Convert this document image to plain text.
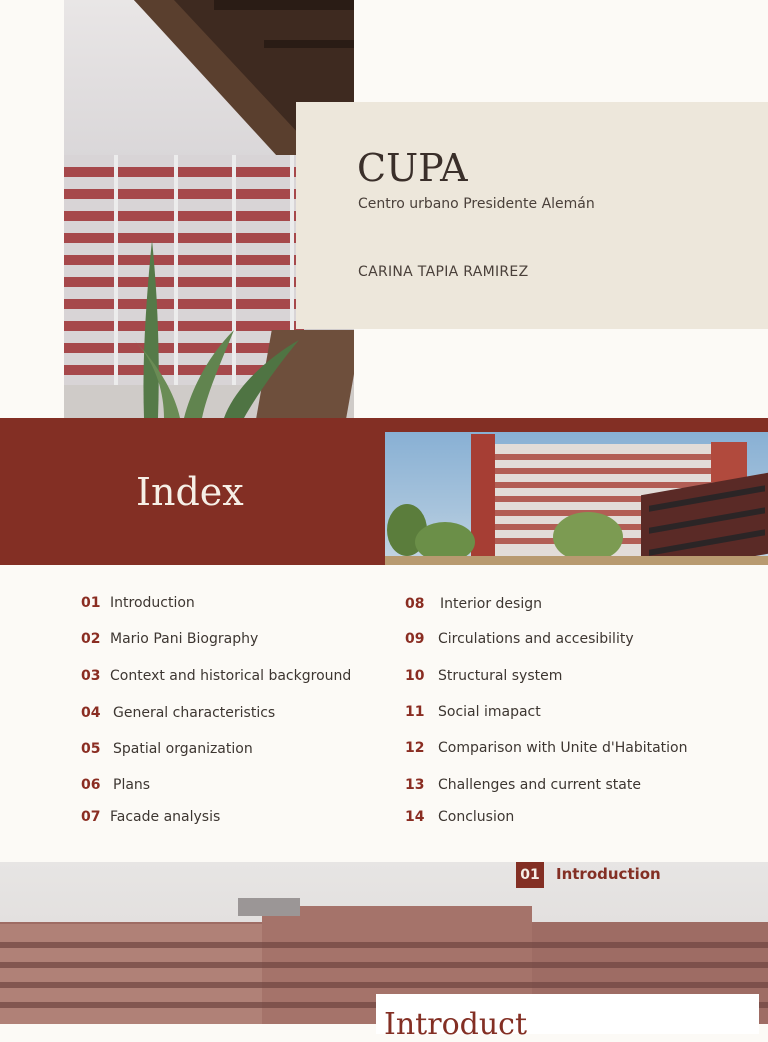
CUPA
Centro urbano Presidente Alemán
CARINA TAPIA RAMIREZ
Index
01 Introduction
02 Mario Pani Biography
03 Context and historical background
04 General characteristics
05 Spatial organization
06 Plans
07 Facade analysis
08	Interior design
09 Circulations and accesibility
10 Structural system
11 Social imapact
12 Comparison with Unite d'Habitation
13 Challenges and current state
14 Conclusion
01 Introduction
Introduct
